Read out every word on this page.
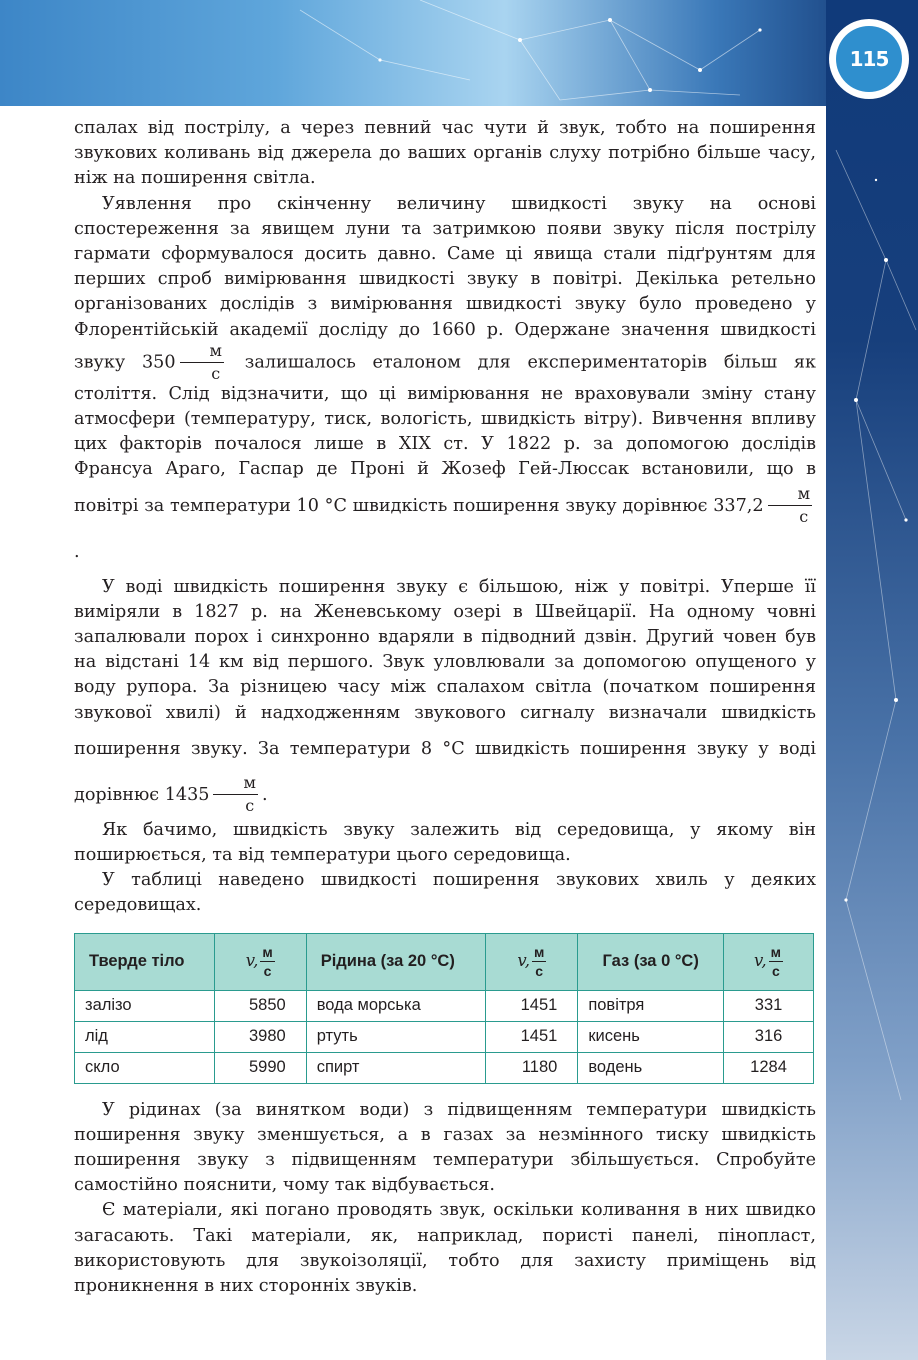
115

спалах від пострілу, а через певний час чути й звук, тобто на поширення звукових коливань від джерела до ваших органів слуху потрібно більше часу, ніж на поширення світла.

Уявлення про скінченну величину швидкості звуку на основі спостереження за явищем луни та затримкою появи звуку після пострілу гармати сформувалося досить давно. Саме ці явища стали підґрунтям для перших спроб вимірювання швидкості звуку в повітрі. Декілька ретельно організованих дослідів з вимірювання швидкості звуку було проведено у Флорентійській академії досліду до 1660 р. Одержане значення швидкості звуку $350 \frac{м}{с}$ залишалось еталоном для експериментаторів більш як століття. Слід відзначити, що ці вимірювання не враховували зміну стану атмосфери (температуру, тиск, вологість, швидкість вітру). Вивчення впливу цих факторів почалося лише в XIX ст. У 1822 р. за допомогою дослідів Франсуа Араго, Гаспар де Проні й Жозеф Гей-Люссак встановили, що в повітрі за температури 10 °С швидкість поширення звуку дорівнює $337,2 \frac{м}{с}$
.

У воді швидкість поширення звуку є більшою, ніж у повітрі. Уперше її виміряли в 1827 р. на Женевському озері в Швейцарії. На одному човні запалювали порох і синхронно вдаряли в підводний дзвін. Другий човен був на відстані 14 км від першого. Звук уловлювали за допомогою опущеного у воду рупора. За різницею часу між спалахом світла (початком поширення звукової хвилі) й надходженням звукового сигналу визначали швидкість поширення звуку. За температури 8 °С швидкість поширення звуку у воді дорівнює $1435 \frac{м}{с}$ .

Як бачимо, швидкість звуку залежить від середовища, у якому він поширюється, та від температури цього середовища.

У таблиці наведено швидкості поширення звукових хвиль у деяких середовищах.

Тверде тіло	v, $\frac{м}{с}$	Рідина (за 20 °С)	v, $\frac{м}{с}$	Газ (за 0 °С)	v, $\frac{м}{с}$

залізо	5850	вода морська	1451	повітря	331
лід	3980	ртуть	1451	кисень	316
скло	5990	спирт	1180	водень	1284

У рідинах (за винятком води) з підвищенням температури швидкість поширення звуку зменшується, а в газах за незмінного тиску швидкість поширення звуку з підвищенням температури збільшується. Спробуйте самостійно пояснити, чому так відбувається.

Є матеріали, які погано проводять звук, оскільки коливання в них швидко загасають. Такі матеріали, як, наприклад, пористі панелі, пінопласт, використовують для звукоізоляції, тобто для захисту приміщень від проникнення в них сторонніх звуків.
